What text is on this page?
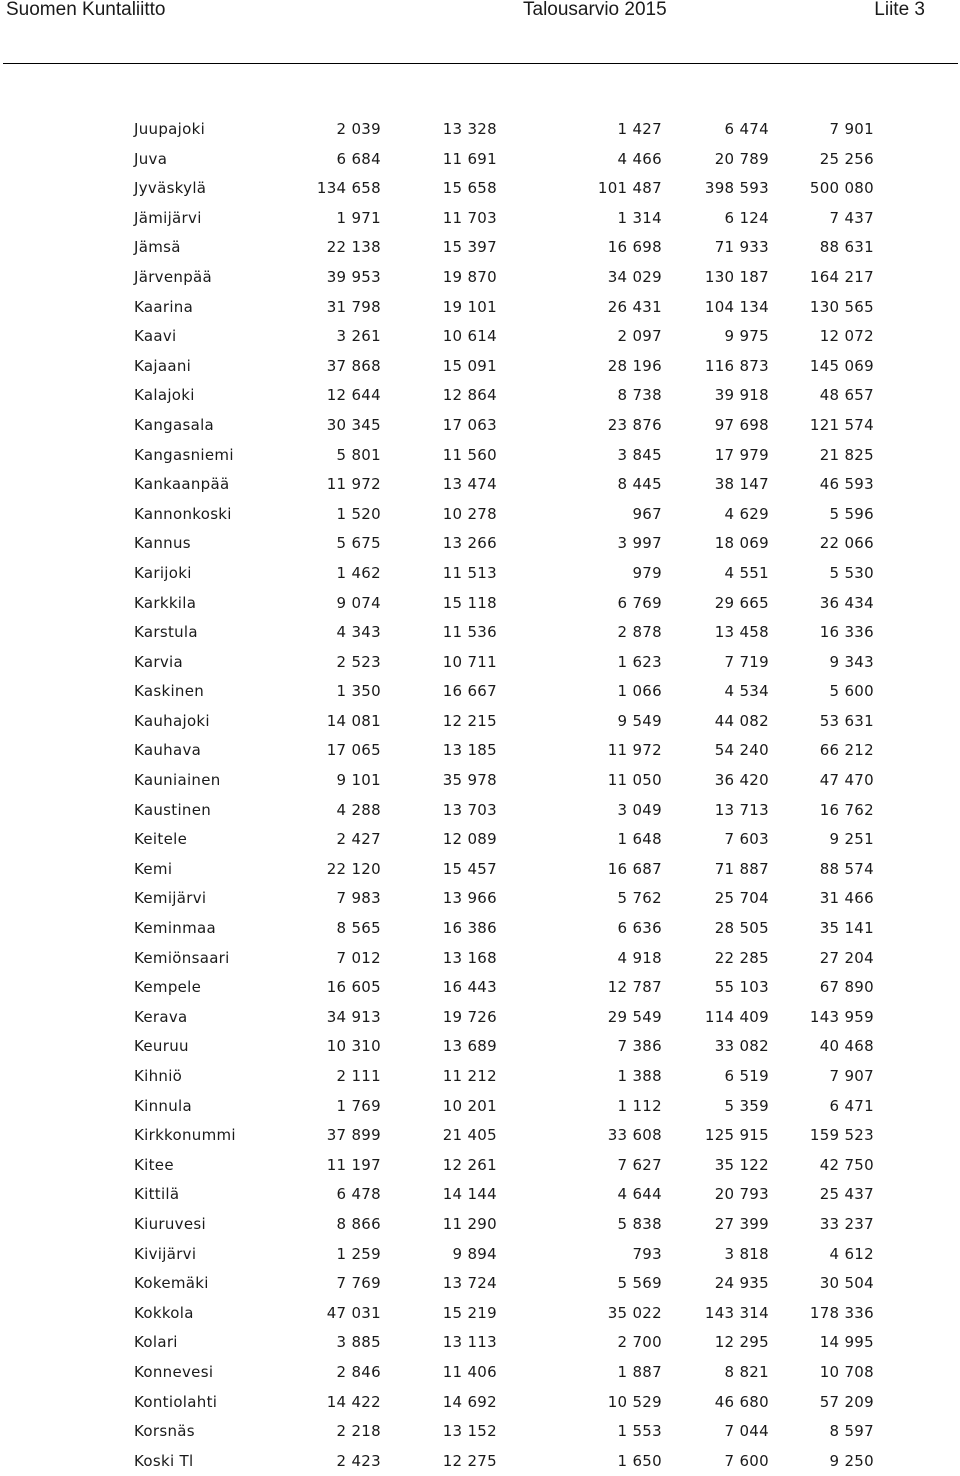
Suomen Kuntaliitto	Talousarvio 2015	Liite 3
Juupajoki	2 039	13 328	1 427	6 474	7 901
Juva	6 684	11 691	4 466	20 789	25 256
Jyväskylä	134 658	15 658	101 487	398 593	500 080
Jämijärvi	1 971	11 703	1 314	6 124	7 437
Jämsä	22 138	15 397	16 698	71 933	88 631
Järvenpää	39 953	19 870	34 029	130 187	164 217
Kaarina	31 798	19 101	26 431	104 134	130 565
Kaavi	3 261	10 614	2 097	9 975	12 072
Kajaani	37 868	15 091	28 196	116 873	145 069
Kalajoki	12 644	12 864	8 738	39 918	48 657
Kangasala	30 345	17 063	23 876	97 698	121 574
Kangasniemi	5 801	11 560	3 845	17 979	21 825
Kankaanpää	11 972	13 474	8 445	38 147	46 593
Kannonkoski	1 520	10 278	967	4 629	5 596
Kannus	5 675	13 266	3 997	18 069	22 066
Karijoki	1 462	11 513	979	4 551	5 530
Karkkila	9 074	15 118	6 769	29 665	36 434
Karstula	4 343	11 536	2 878	13 458	16 336
Karvia	2 523	10 711	1 623	7 719	9 343
Kaskinen	1 350	16 667	1 066	4 534	5 600
Kauhajoki	14 081	12 215	9 549	44 082	53 631
Kauhava	17 065	13 185	11 972	54 240	66 212
Kauniainen	9 101	35 978	11 050	36 420	47 470
Kaustinen	4 288	13 703	3 049	13 713	16 762
Keitele	2 427	12 089	1 648	7 603	9 251
Kemi	22 120	15 457	16 687	71 887	88 574
Kemijärvi	7 983	13 966	5 762	25 704	31 466
Keminmaa	8 565	16 386	6 636	28 505	35 141
Kemiönsaari	7 012	13 168	4 918	22 285	27 204
Kempele	16 605	16 443	12 787	55 103	67 890
Kerava	34 913	19 726	29 549	114 409	143 959
Keuruu	10 310	13 689	7 386	33 082	40 468
Kihniö	2 111	11 212	1 388	6 519	7 907
Kinnula	1 769	10 201	1 112	5 359	6 471
Kirkkonummi	37 899	21 405	33 608	125 915	159 523
Kitee	11 197	12 261	7 627	35 122	42 750
Kittilä	6 478	14 144	4 644	20 793	25 437
Kiuruvesi	8 866	11 290	5 838	27 399	33 237
Kivijärvi	1 259	9 894	793	3 818	4 612
Kokemäki	7 769	13 724	5 569	24 935	30 504
Kokkola	47 031	15 219	35 022	143 314	178 336
Kolari	3 885	13 113	2 700	12 295	14 995
Konnevesi	2 846	11 406	1 887	8 821	10 708
Kontiolahti	14 422	14 692	10 529	46 680	57 209
Korsnäs	2 218	13 152	1 553	7 044	8 597
Koski Tl	2 423	12 275	1 650	7 600	9 250
